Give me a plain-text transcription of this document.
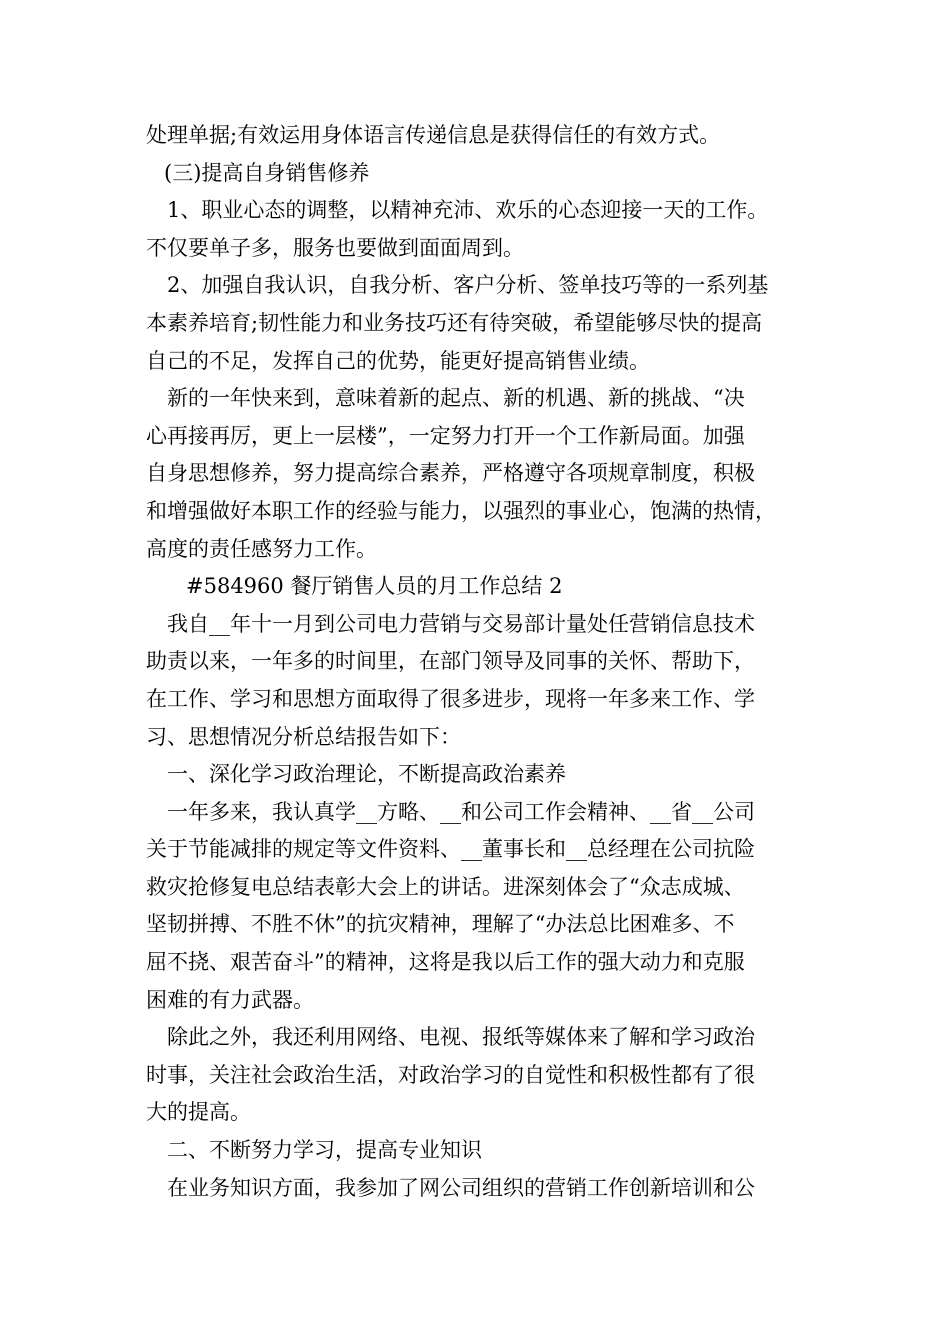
处理单据;有效运用身体语言传递信息是获得信任的有效方式。

(三)提高自身销售修养

1、职业心态的调整，以精神充沛、欢乐的心态迎接一天的工作。

不仅要单子多，服务也要做到面面周到。

2、加强自我认识，自我分析、客户分析、签单技巧等的一系列基

本素养培育;韧性能力和业务技巧还有待突破，希望能够尽快的提高

自己的不足，发挥自己的优势，能更好提高销售业绩。

新的一年快来到，意味着新的起点、新的机遇、新的挑战、“决

心再接再厉，更上一层楼”，一定努力打开一个工作新局面。加强

自身思想修养，努力提高综合素养，严格遵守各项规章制度，积极

和增强做好本职工作的经验与能力，以强烈的事业心，饱满的热情，

高度的责任感努力工作。

#584960 餐厅销售人员的月工作总结 2

我自__年十一月到公司电力营销与交易部计量处任营销信息技术

助责以来，一年多的时间里，在部门领导及同事的关怀、帮助下，

在工作、学习和思想方面取得了很多进步，现将一年多来工作、学

习、思想情况分析总结报告如下：

一、深化学习政治理论，不断提高政治素养

一年多来，我认真学__方略、__和公司工作会精神、__省__公司

关于节能减排的规定等文件资料、__董事长和__总经理在公司抗险

救灾抢修复电总结表彰大会上的讲话。进深刻体会了“众志成城、

坚韧拼搏、不胜不休”的抗灾精神，理解了“办法总比困难多、不

屈不挠、艰苦奋斗”的精神，这将是我以后工作的强大动力和克服

困难的有力武器。

除此之外，我还利用网络、电视、报纸等媒体来了解和学习政治

时事，关注社会政治生活，对政治学习的自觉性和积极性都有了很

大的提高。

二、不断努力学习，提高专业知识

在业务知识方面，我参加了网公司组织的营销工作创新培训和公
